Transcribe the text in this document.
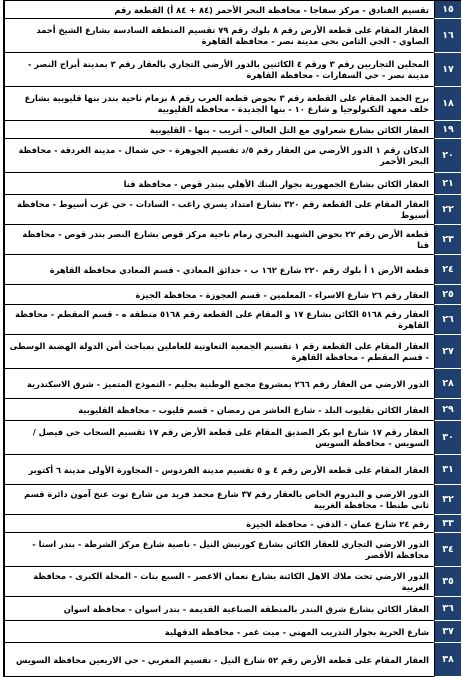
١٥
تقسيم الفنادق - مركز سفاجا - محافظة البحر الأحمر (٨٤ + ٨٤ أ) القطعة رقم
١٦
العقار المقام على قطعة الأرض رقم ٨ بلوك رقم ٧٩ تقسيم المنطقة السادسة بشارع الشيخ أحمد الصاوي - الحي الثامن بحي مدينة نصر - محافظة القاهرة
١٧
المحلين التجاريين رقم ٣ ورقم ٤ الكائنين بالدور الأرضي التجاري بالعقار رقم ٣ بمدينة أبراج النصر - مدينة نصر - حي السفارات - محافظة القاهرة
١٨
برج الحمد المقام على القطعة رقم ٣ بحوض قطعة العرب رقم ٨ بزمام ناحية بندر بنها قليوبية بشارع خلف معهد التكنولوجيا و شارع ١٠ - بنها الجديدة - محافظة القليوبية
١٩
العقار الكائن بشارع شعراوي مع التل العالي - أتريب - بنها - القليوبية
٢٠
الدكان رقم ١ الدور الأرضي من العقار رقم ٥/د تقسيم الجوهرة - حي شمال - مدينة الغردقة - محافظة البحر الأحمر
٢١
العقار الكائن بشارع الجمهورية بجوار البنك الأهلي ببندر قوص - محافظة قنا
٢٢
العقار المقام على القطعة رقم ٣٢٠ بشارع امتداد يسري راغب - السادات - حي غرب أسيوط - محافظة أسيوط
٢٣
قطعة الأرض رقم ٢٢ بحوض الشهيد البحري زمام ناحية مركز قوص بشارع النصر بندر قوص - محافظة قنا
٢٤
قطعة الأرض ١ أ بلوك رقم ٢٢٠ شارع ١٦٢ ب - حدائق المعادي - قسم المعادي محافظة القاهرة
٢٥
العقار رقم ٢٦ شارع الاسراء - المعلمين - قسم العجوزة - محافظة الجيزة
٢٦
العقار رقم ٥١٦٨ الكائن بشارع ١٧ و المقام على القطعة رقم ٥١٦٨ منطقة ه - قسم المقطم - محافظة القاهرة
٢٧
العقار المقام على القطعة رقم ١ تقسيم الجمعية التعاونية للعاملين بمباحث أمن الدولة الهضبة الوسطى - قسم المقطم - محافظة القاهرة
٢٨
الدور الارضي من العقار رقم ٢٦٦ بمشروع مجمع الوطنية بجليم - النموذج المتميز - شرق الاسكندرية
٢٩
العقار الكائن بقليوب البلد - شارع العاشر من رمضان - قسم قليوب - محافظة القليوبية
٣٠
العقار رقم ١٧ شارع ابو بكر الصديق المقام على قطعة الأرض رقم ١٧ تقسيم السحاب حي فيصل / السويس - محافظة السويس
٣١
العقار المقام على قطعة الأرض رقم ٤ و ٥ تقسيم مدينة الفردوس - المجاورة الأولى مدينة ٦ أكتوبر
٣٢
الدور الارضي و البدروم الخاص بالعقار رقم ٣٧ شارع محمد فريد من شارع توت عنخ آمون دائرة قسم ثاني طنطا - محافظة الغربية
٣٣
رقم ٢٤ شارع عمان - الدقي - محافظة الجيزة
٣٤
الدور الارضي التجاري للعقار الكائن بشارع كورنيش النيل - ناصية شارع مركز الشرطة - بندر اسنا - محافظة الأقصر
٣٥
الدور الارضي تحت ملاك الاهل الكائنة بشارع نعمان الاعصر - السبع بنات - المحلة الكبرى - محافظة الغربية
٣٦
العقار الكائن بشارع شرق البندر بالمنطقة الصناعية القديمة - بندر اسوان - محافظة اسوان
٣٧
شارع الحرية بجوار التدريب المهني - ميت غمر - محافظة الدقهلية
٣٨
العقار المقام على قطعة الأرض رقم ٥٢ شارع النيل - تقسيم المغربي - حي الاربعين محافظة السويس
